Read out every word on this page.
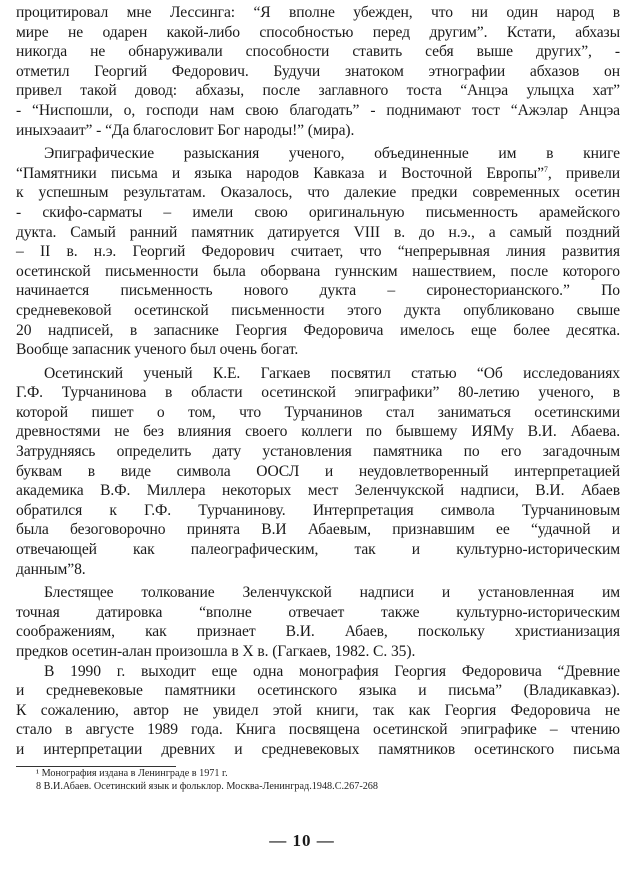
процитировал мне Лессинга: “Я вполне убежден, что ни один народ в
мире не одарен какой-либо способностью перед другим”. Кстати, абхазы
никогда не обнаруживали способности ставить себя выше других”, -
отметил Георгий Федорович. Будучи знатоком этнографии абхазов он
привел такой довод: абхазы, после заглавного тоста “Анцэа улыцха хат”
- “Ниспошли, о, господи нам свою благодать” - поднимают тост “Ажэлар Анцэа
иныхэааит” - “Да благословит Бог народы!” (мира).
Эпиграфические разыскания ученого, объединенные им в книге
“Памятники письма и языка народов Кавказа и Восточной Европы”$^7$, привели
к успешным результатам. Оказалось, что далекие предки современных осетин
- скифо-сарматы – имели свою оригинальную письменность арамейского
дукта. Самый ранний памятник датируется VIII в. до н.э., а самый поздний
– II в. н.э. Георгий Федорович считает, что “непрерывная линия развития
осетинской письменности была оборвана гуннским нашествием, после которого
начинается письменность нового дукта – сиронесторианского.” По
средневековой осетинской письменности этого дукта опубликовано свыше
20 надписей, в запаснике Георгия Федоровича имелось еще более десятка.
Вообще запасник ученого был очень богат.
Осетинский ученый К.Е. Гагкаев посвятил статью “Об исследованиях
Г.Ф. Турчанинова в области осетинской эпиграфики” 80-летию ученого, в
которой пишет о том, что Турчанинов стал заниматься осетинскими
древностями не без влияния своего коллеги по бывшему ИЯМу В.И. Абаева.
Затрудняясь определить дату установления памятника по его загадочным
буквам в виде символа ООСЛ и неудовлетворенный интерпретацией
академика В.Ф. Миллера некоторых мест Зеленчукской надписи, В.И. Абаев
обратился к Г.Ф. Турчанинову. Интерпретация символа Турчаниновым
была безоговорочно принята В.И Абаевым, признавшим ее “удачной и
отвечающей как палеографическим, так и культурно-историческим
данным”8.
Блестящее толкование Зеленчукской надписи и установленная им
точная датировка “вполне отвечает также культурно-историческим
соображениям, как признает В.И. Абаев, поскольку христианизация
предков осетин-алан произошла в X в. (Гагкаев, 1982. С. 35).
В 1990 г. выходит еще одна монография Георгия Федоровича “Древние
и средневековые памятники осетинского языка и письма” (Владикавказ).
К сожалению, автор не увидел этой книги, так как Георгия Федоровича не
стало в августе 1989 года. Книга посвящена осетинской эпиграфике – чтению
и интерпретации древних и средневековых памятников осетинского письма
¹ Монография издана в Ленинграде в 1971 г.
8 В.И.Абаев. Осетинский язык и фольклор. Москва-Ленинград.1948.С.267-268
— 10 —
